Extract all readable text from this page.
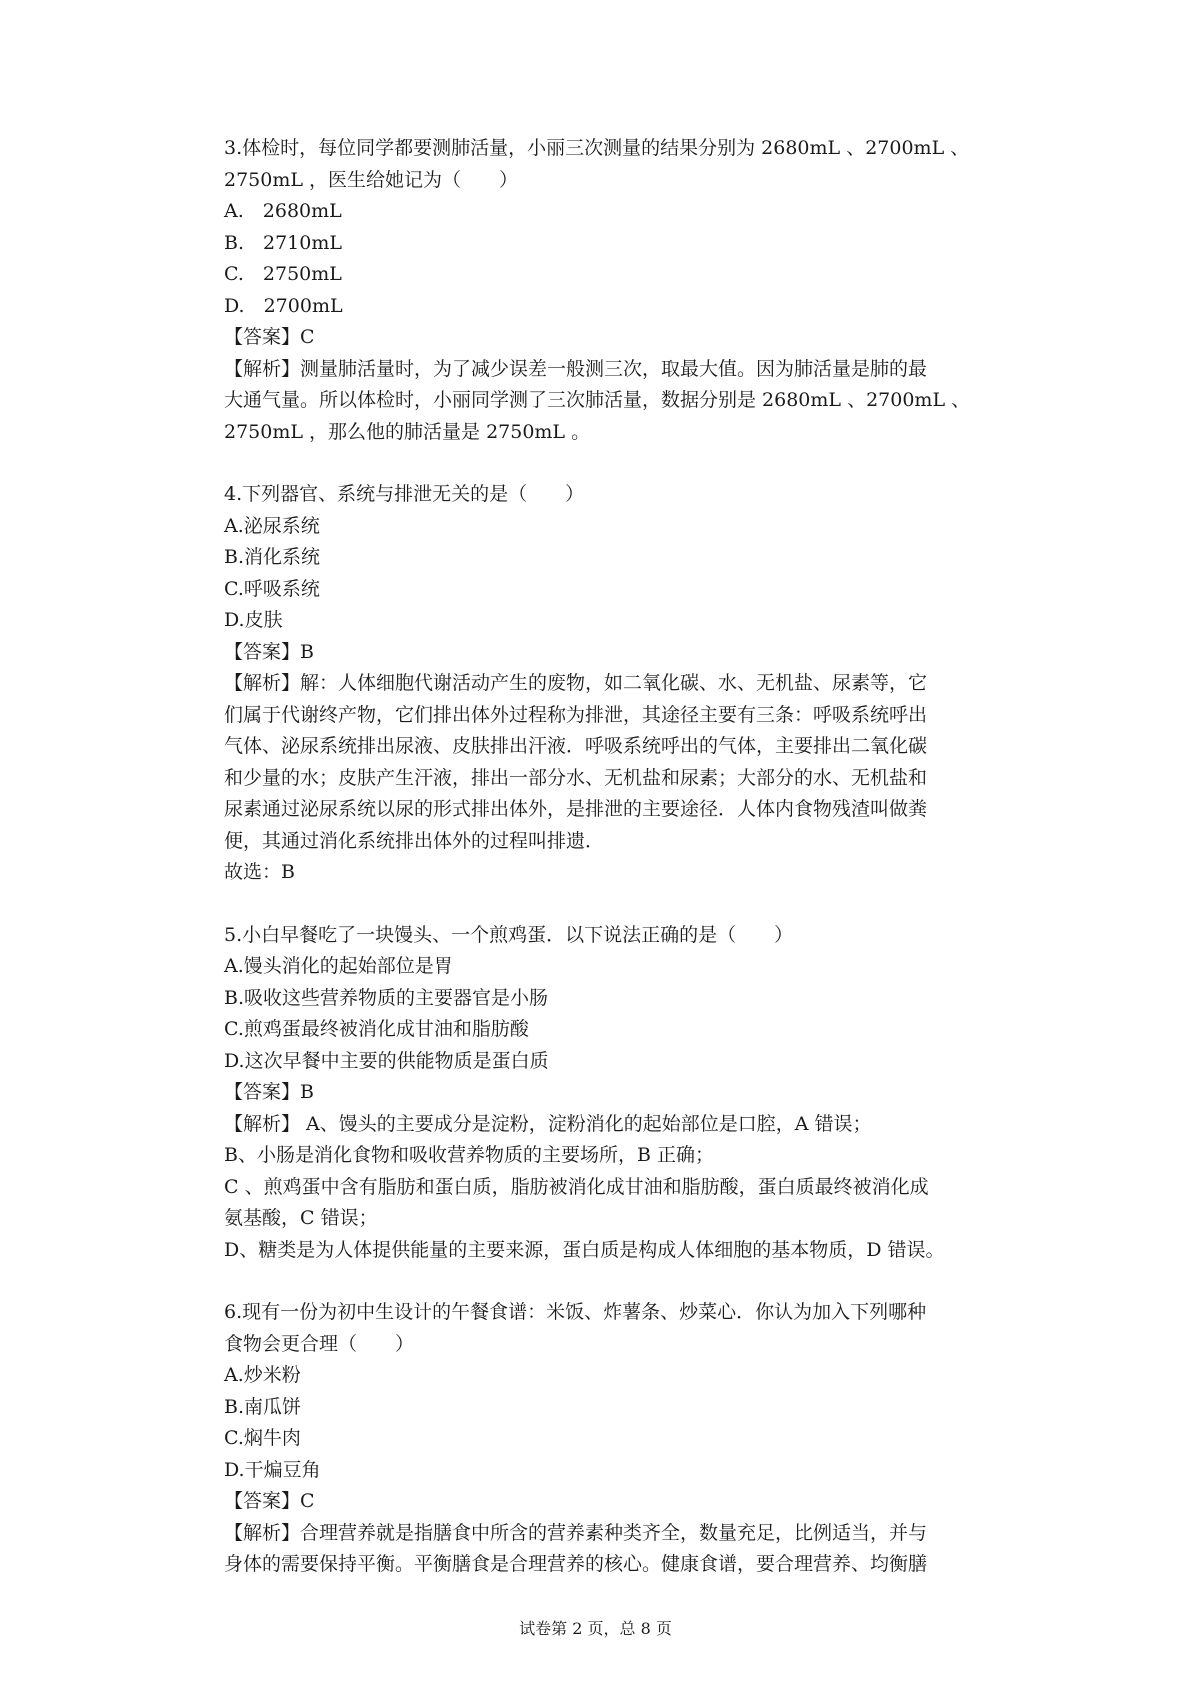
3.体检时，每位同学都要测肺活量，小丽三次测量的结果分别为 2680mL 、2700mL 、
2750mL ，医生给她记为（　　）
A.　2680mL
B.　2710mL
C.　2750mL
D.　2700mL
【答案】C
【解析】测量肺活量时，为了减少误差一般测三次，取最大值。因为肺活量是肺的最
大通气量。所以体检时，小丽同学测了三次肺活量，数据分别是 2680mL 、2700mL 、
2750mL ，那么他的肺活量是 2750mL 。
4.下列器官、系统与排泄无关的是（　　）
A.泌尿系统
B.消化系统
C.呼吸系统
D.皮肤
【答案】B
【解析】解：人体细胞代谢活动产生的废物，如二氧化碳、水、无机盐、尿素等，它
们属于代谢终产物，它们排出体外过程称为排泄，其途径主要有三条：呼吸系统呼出
气体、泌尿系统排出尿液、皮肤排出汗液．呼吸系统呼出的气体，主要排出二氧化碳
和少量的水；皮肤产生汗液，排出一部分水、无机盐和尿素；大部分的水、无机盐和
尿素通过泌尿系统以尿的形式排出体外，是排泄的主要途径．人体内食物残渣叫做粪
便，其通过消化系统排出体外的过程叫排遗．
故选：B
5.小白早餐吃了一块馒头、一个煎鸡蛋．以下说法正确的是（　　）
A.馒头消化的起始部位是胃
B.吸收这些营养物质的主要器官是小肠
C.煎鸡蛋最终被消化成甘油和脂肪酸
D.这次早餐中主要的供能物质是蛋白质
【答案】B
【解析】 A、馒头的主要成分是淀粉，淀粉消化的起始部位是口腔，A 错误；
B、小肠是消化食物和吸收营养物质的主要场所，B 正确；
C 、煎鸡蛋中含有脂肪和蛋白质，脂肪被消化成甘油和脂肪酸，蛋白质最终被消化成
氨基酸，C 错误；
D、糖类是为人体提供能量的主要来源，蛋白质是构成人体细胞的基本物质，D 错误。
6.现有一份为初中生设计的午餐食谱：米饭、炸薯条、炒菜心．你认为加入下列哪种
食物会更合理（　　）
A.炒米粉
B.南瓜饼
C.焖牛肉
D.干煸豆角
【答案】C
【解析】合理营养就是指膳食中所含的营养素种类齐全，数量充足，比例适当，并与
身体的需要保持平衡。平衡膳食是合理营养的核心。健康食谱，要合理营养、均衡膳
试卷第 2 页，总 8 页
